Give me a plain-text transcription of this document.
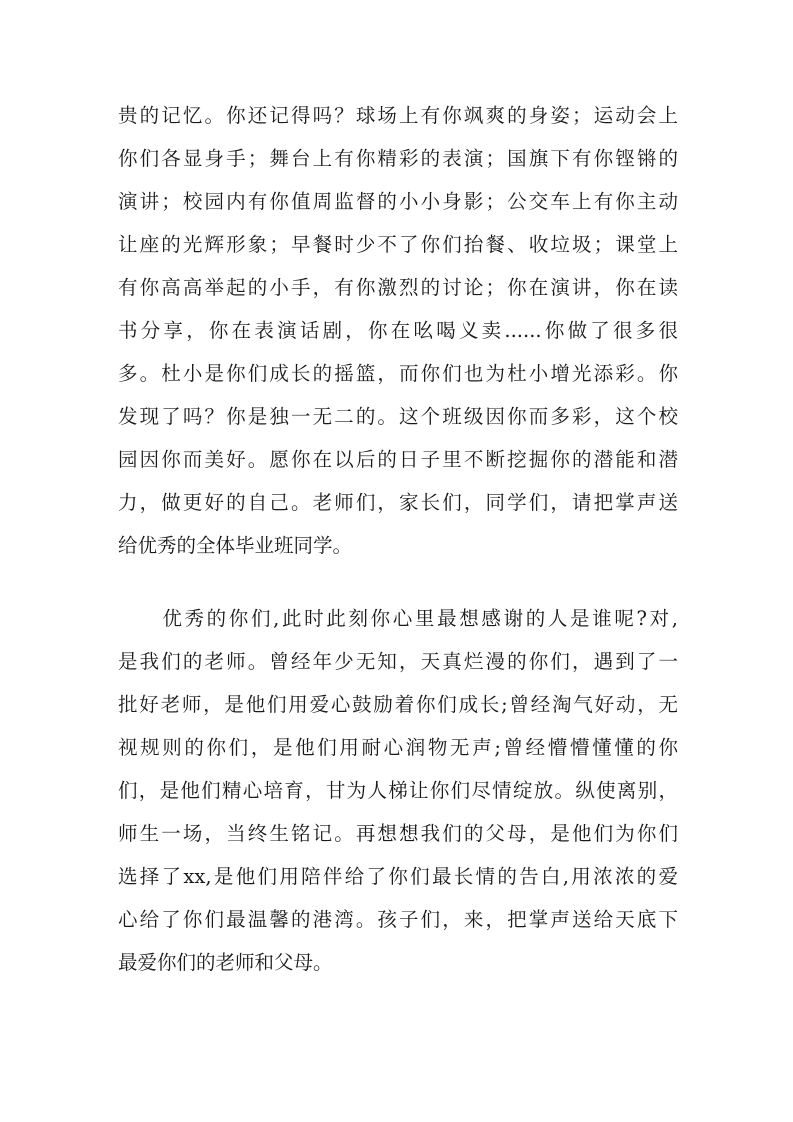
贵的记忆。你还记得吗？球场上有你飒爽的身姿；运动会上
你们各显身手；舞台上有你精彩的表演；国旗下有你铿锵的
演讲；校园内有你值周监督的小小身影；公交车上有你主动
让座的光辉形象；早餐时少不了你们抬餐、收垃圾；课堂上
有你高高举起的小手，有你激烈的讨论；你在演讲，你在读
书分享，你在表演话剧，你在吆喝义卖......你做了很多很
多。杜小是你们成长的摇篮，而你们也为杜小增光添彩。你
发现了吗？你是独一无二的。这个班级因你而多彩，这个校
园因你而美好。愿你在以后的日子里不断挖掘你的潜能和潜
力，做更好的自己。老师们，家长们，同学们，请把掌声送
给优秀的全体毕业班同学。
　　优秀的你们,此时此刻你心里最想感谢的人是谁呢?对,
是我们的老师。曾经年少无知，天真烂漫的你们，遇到了一
批好老师，是他们用爱心鼓励着你们成长;曾经淘气好动，无
视规则的你们，是他们用耐心润物无声;曾经懵懵懂懂的你
们，是他们精心培育，甘为人梯让你们尽情绽放。纵使离别，
师生一场，当终生铭记。再想想我们的父母，是他们为你们
选择了xx,是他们用陪伴给了你们最长情的告白,用浓浓的爱
心给了你们最温馨的港湾。孩子们，来，把掌声送给天底下
最爱你们的老师和父母。
